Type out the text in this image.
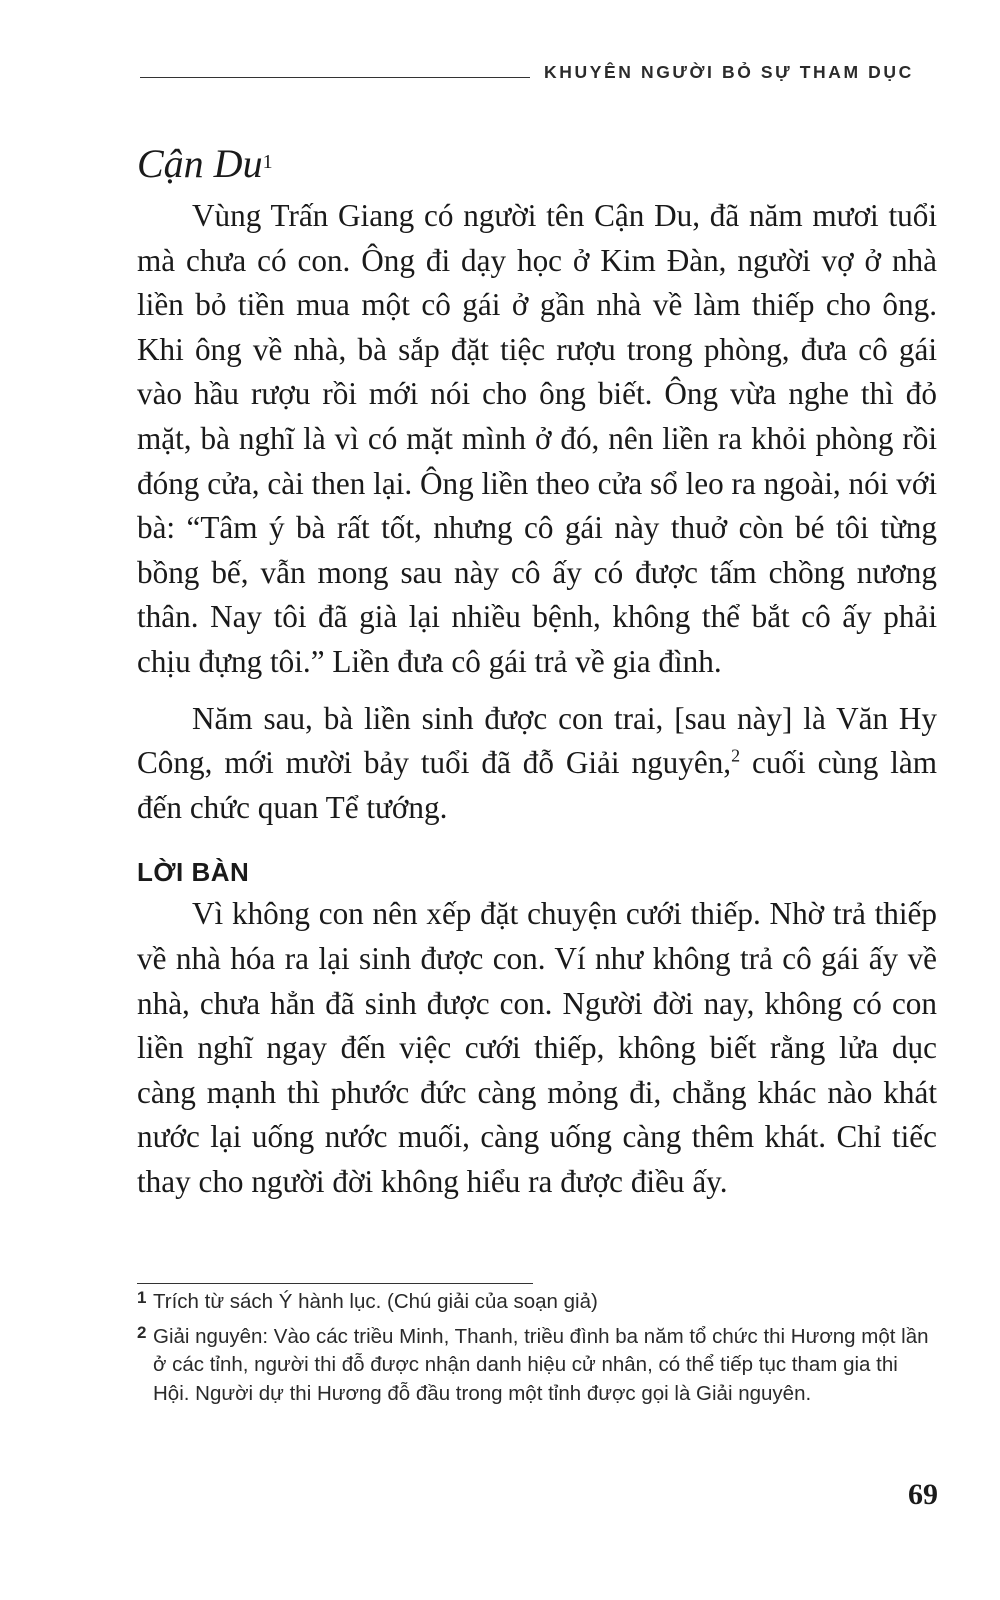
KHUYÊN NGƯỜI BỎ SỰ THAM DỤC
Cận Du$^1$

Vùng Trấn Giang có người tên Cận Du, đã năm mươi tuổi mà chưa có con. Ông đi dạy học ở Kim Đàn, người vợ ở nhà liền bỏ tiền mua một cô gái ở gần nhà về làm thiếp cho ông. Khi ông về nhà, bà sắp đặt tiệc rượu trong phòng, đưa cô gái vào hầu rượu rồi mới nói cho ông biết. Ông vừa nghe thì đỏ mặt, bà nghĩ là vì có mặt mình ở đó, nên liền ra khỏi phòng rồi đóng cửa, cài then lại. Ông liền theo cửa sổ leo ra ngoài, nói với bà: “Tâm ý bà rất tốt, nhưng cô gái này thuở còn bé tôi từng bồng bế, vẫn mong sau này cô ấy có được tấm chồng nương thân. Nay tôi đã già lại nhiều bệnh, không thể bắt cô ấy phải chịu đựng tôi.” Liền đưa cô gái trả về gia đình.

Năm sau, bà liền sinh được con trai, [sau này] là Văn Hy Công, mới mười bảy tuổi đã đỗ Giải nguyên,$^2$ cuối cùng làm đến chức quan Tể tướng.

LỜI BÀN

Vì không con nên xếp đặt chuyện cưới thiếp. Nhờ trả thiếp về nhà hóa ra lại sinh được con. Ví như không trả cô gái ấy về nhà, chưa hẳn đã sinh được con. Người đời nay, không có con liền nghĩ ngay đến việc cưới thiếp, không biết rằng lửa dục càng mạnh thì phước đức càng mỏng đi, chẳng khác nào khát nước lại uống nước muối, càng uống càng thêm khát. Chỉ tiếc thay cho người đời không hiểu ra được điều ấy.

1 Trích từ sách Ý hành lục. (Chú giải của soạn giả)
2 Giải nguyên: Vào các triều Minh, Thanh, triều đình ba năm tổ chức thi Hương một lần ở các tỉnh, người thi đỗ được nhận danh hiệu cử nhân, có thể tiếp tục tham gia thi Hội. Người dự thi Hương đỗ đầu trong một tỉnh được gọi là Giải nguyên.
69
